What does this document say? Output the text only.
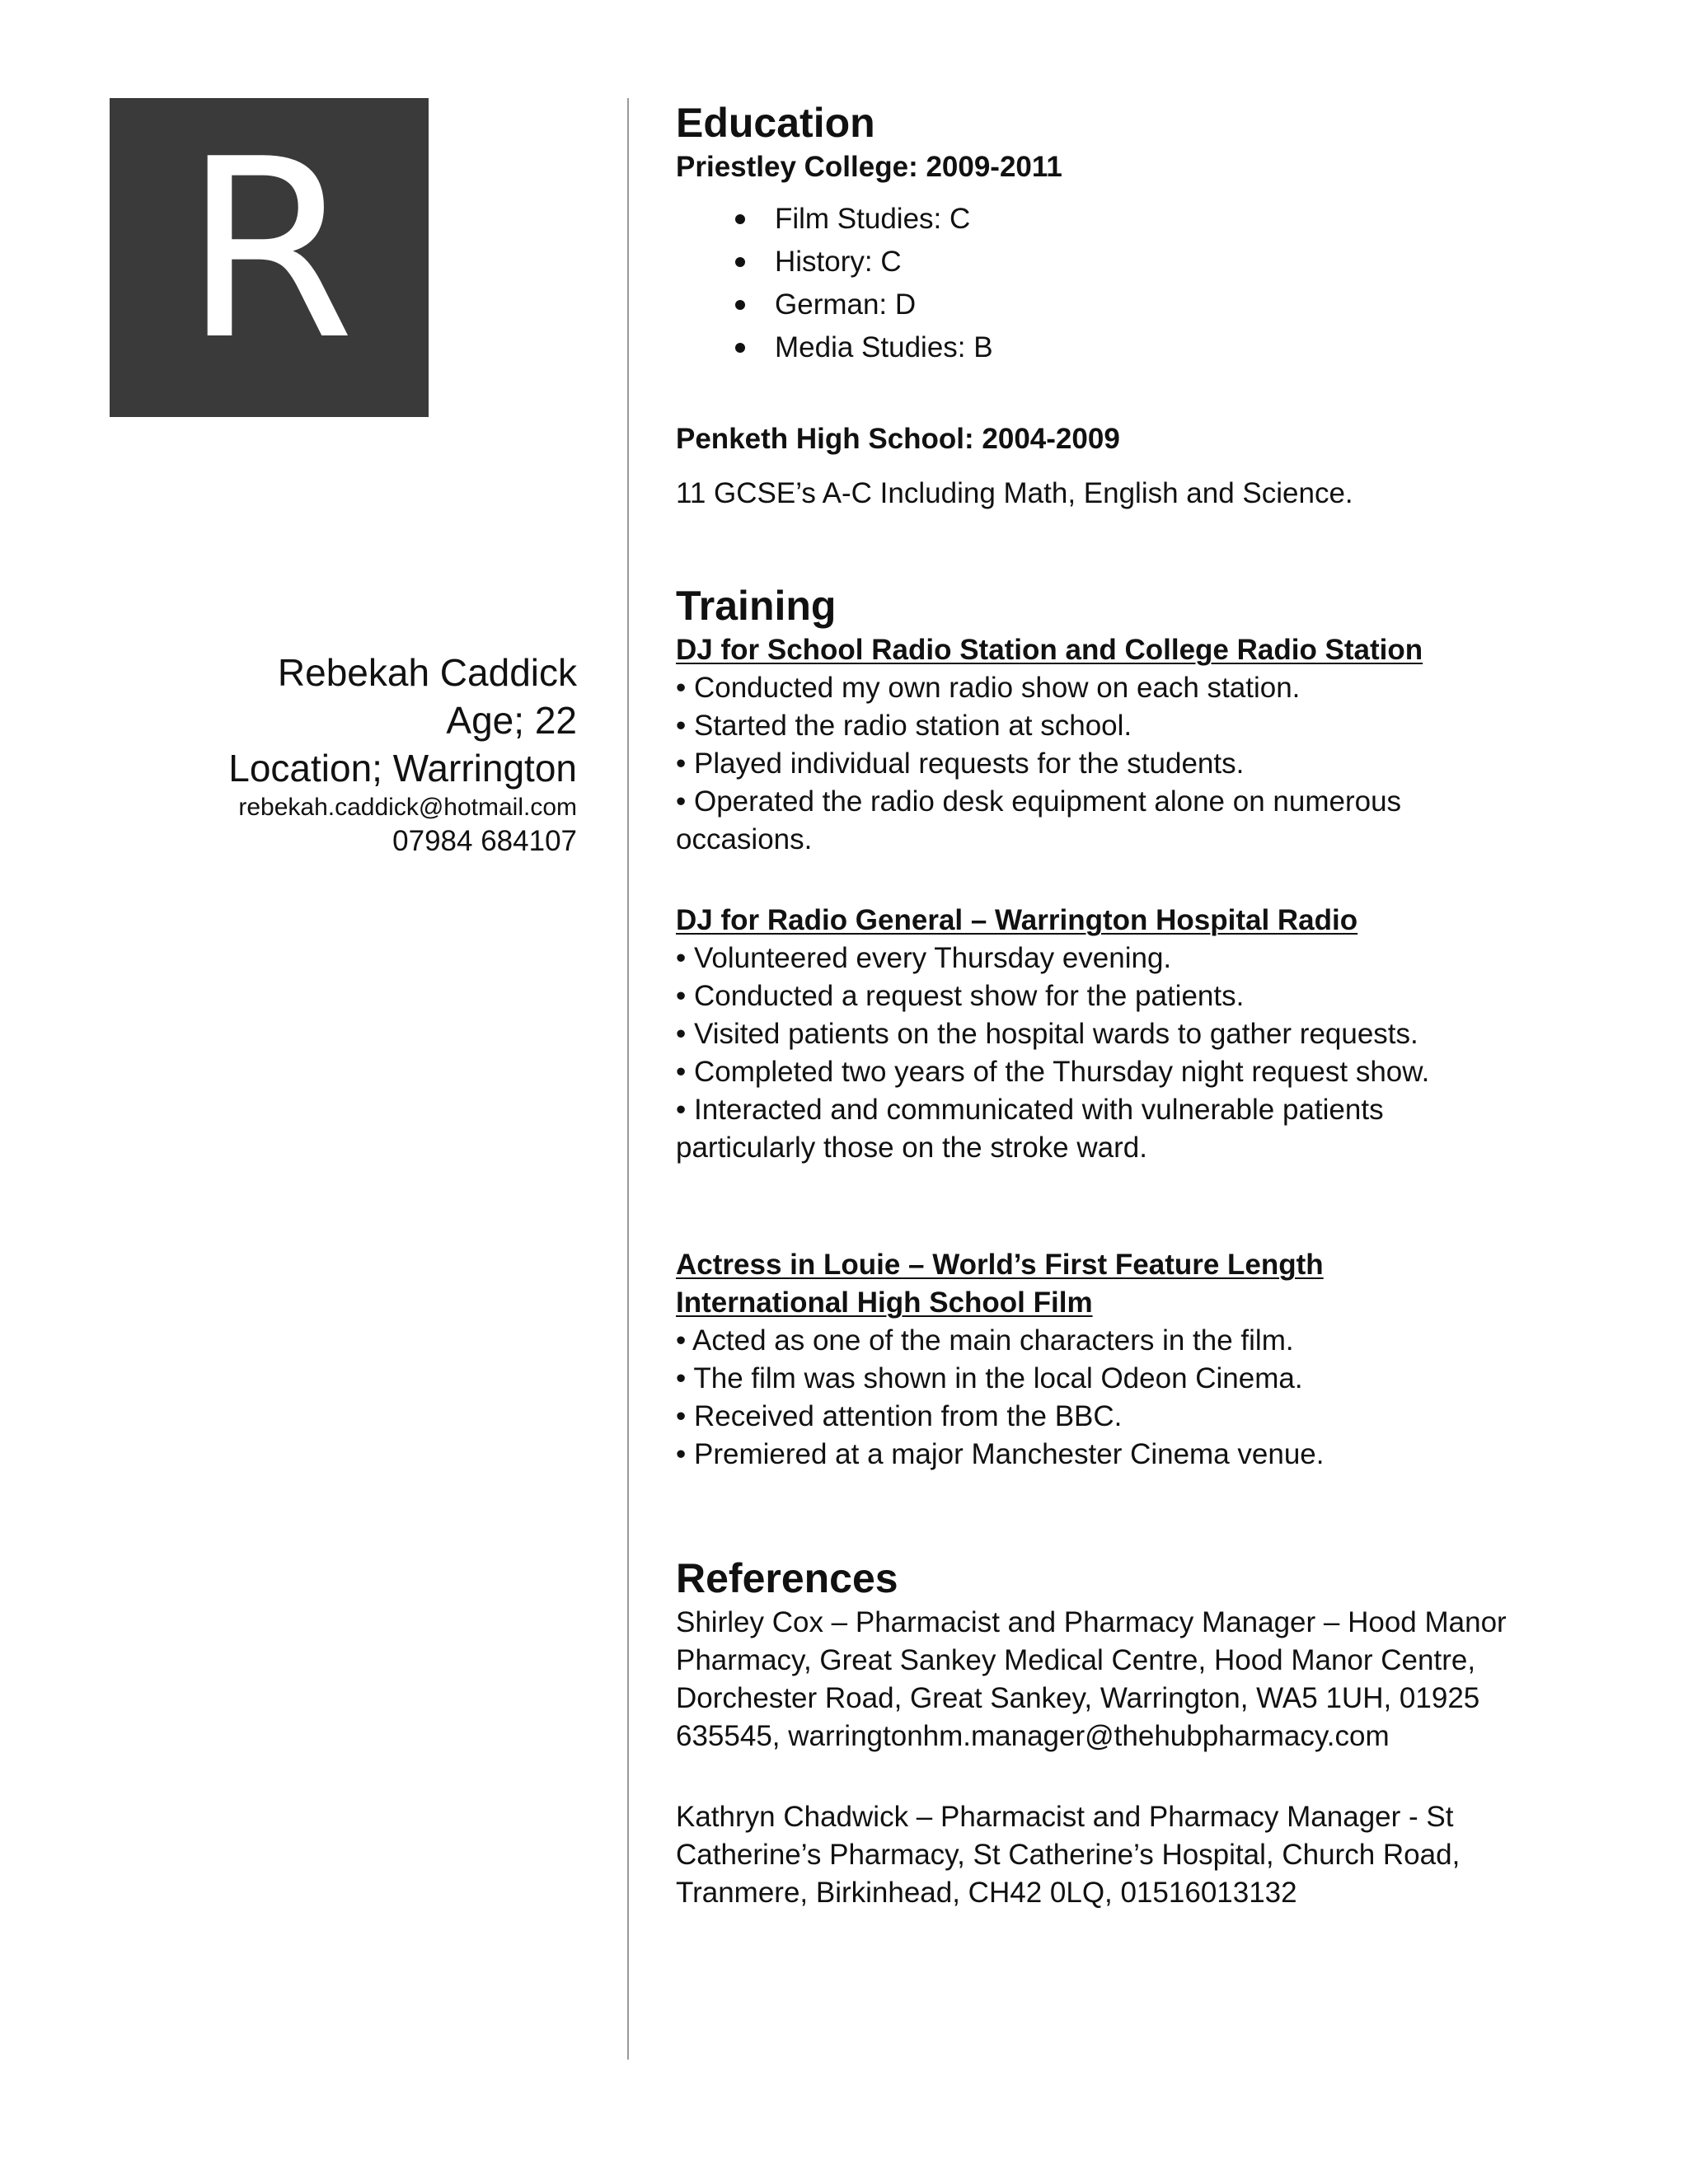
R
Rebekah Caddick
Age; 22
Location; Warrington
rebekah.caddick@hotmail.com
07984 684107
Education
Priestley College: 2009-2011
Film Studies: C
History: C
German: D
Media Studies: B
Penketh High School: 2004-2009
11 GCSE’s A-C Including Math, English and Science.
Training
DJ for School Radio Station and College Radio Station
• Conducted my own radio show on each station.
• Started the radio station at school.
• Played individual requests for the students.
• Operated the radio desk equipment alone on numerous
occasions.
DJ for Radio General – Warrington Hospital Radio
• Volunteered every Thursday evening.
• Conducted a request show for the patients.
• Visited patients on the hospital wards to gather requests.
• Completed two years of the Thursday night request show.
• Interacted and communicated with vulnerable patients
particularly those on the stroke ward.
Actress in Louie – World’s First Feature Length
International High School Film
• Acted as one of the main characters in the film.
• The film was shown in the local Odeon Cinema.
• Received attention from the BBC.
• Premiered at a major Manchester Cinema venue.
References
Shirley Cox – Pharmacist and Pharmacy Manager – Hood Manor
Pharmacy, Great Sankey Medical Centre, Hood Manor Centre,
Dorchester Road, Great Sankey, Warrington, WA5 1UH, 01925
635545, warringtonhm.manager@thehubpharmacy.com
Kathryn Chadwick – Pharmacist and Pharmacy Manager - St
Catherine’s Pharmacy, St Catherine’s Hospital, Church Road,
Tranmere, Birkinhead, CH42 0LQ, 01516013132
